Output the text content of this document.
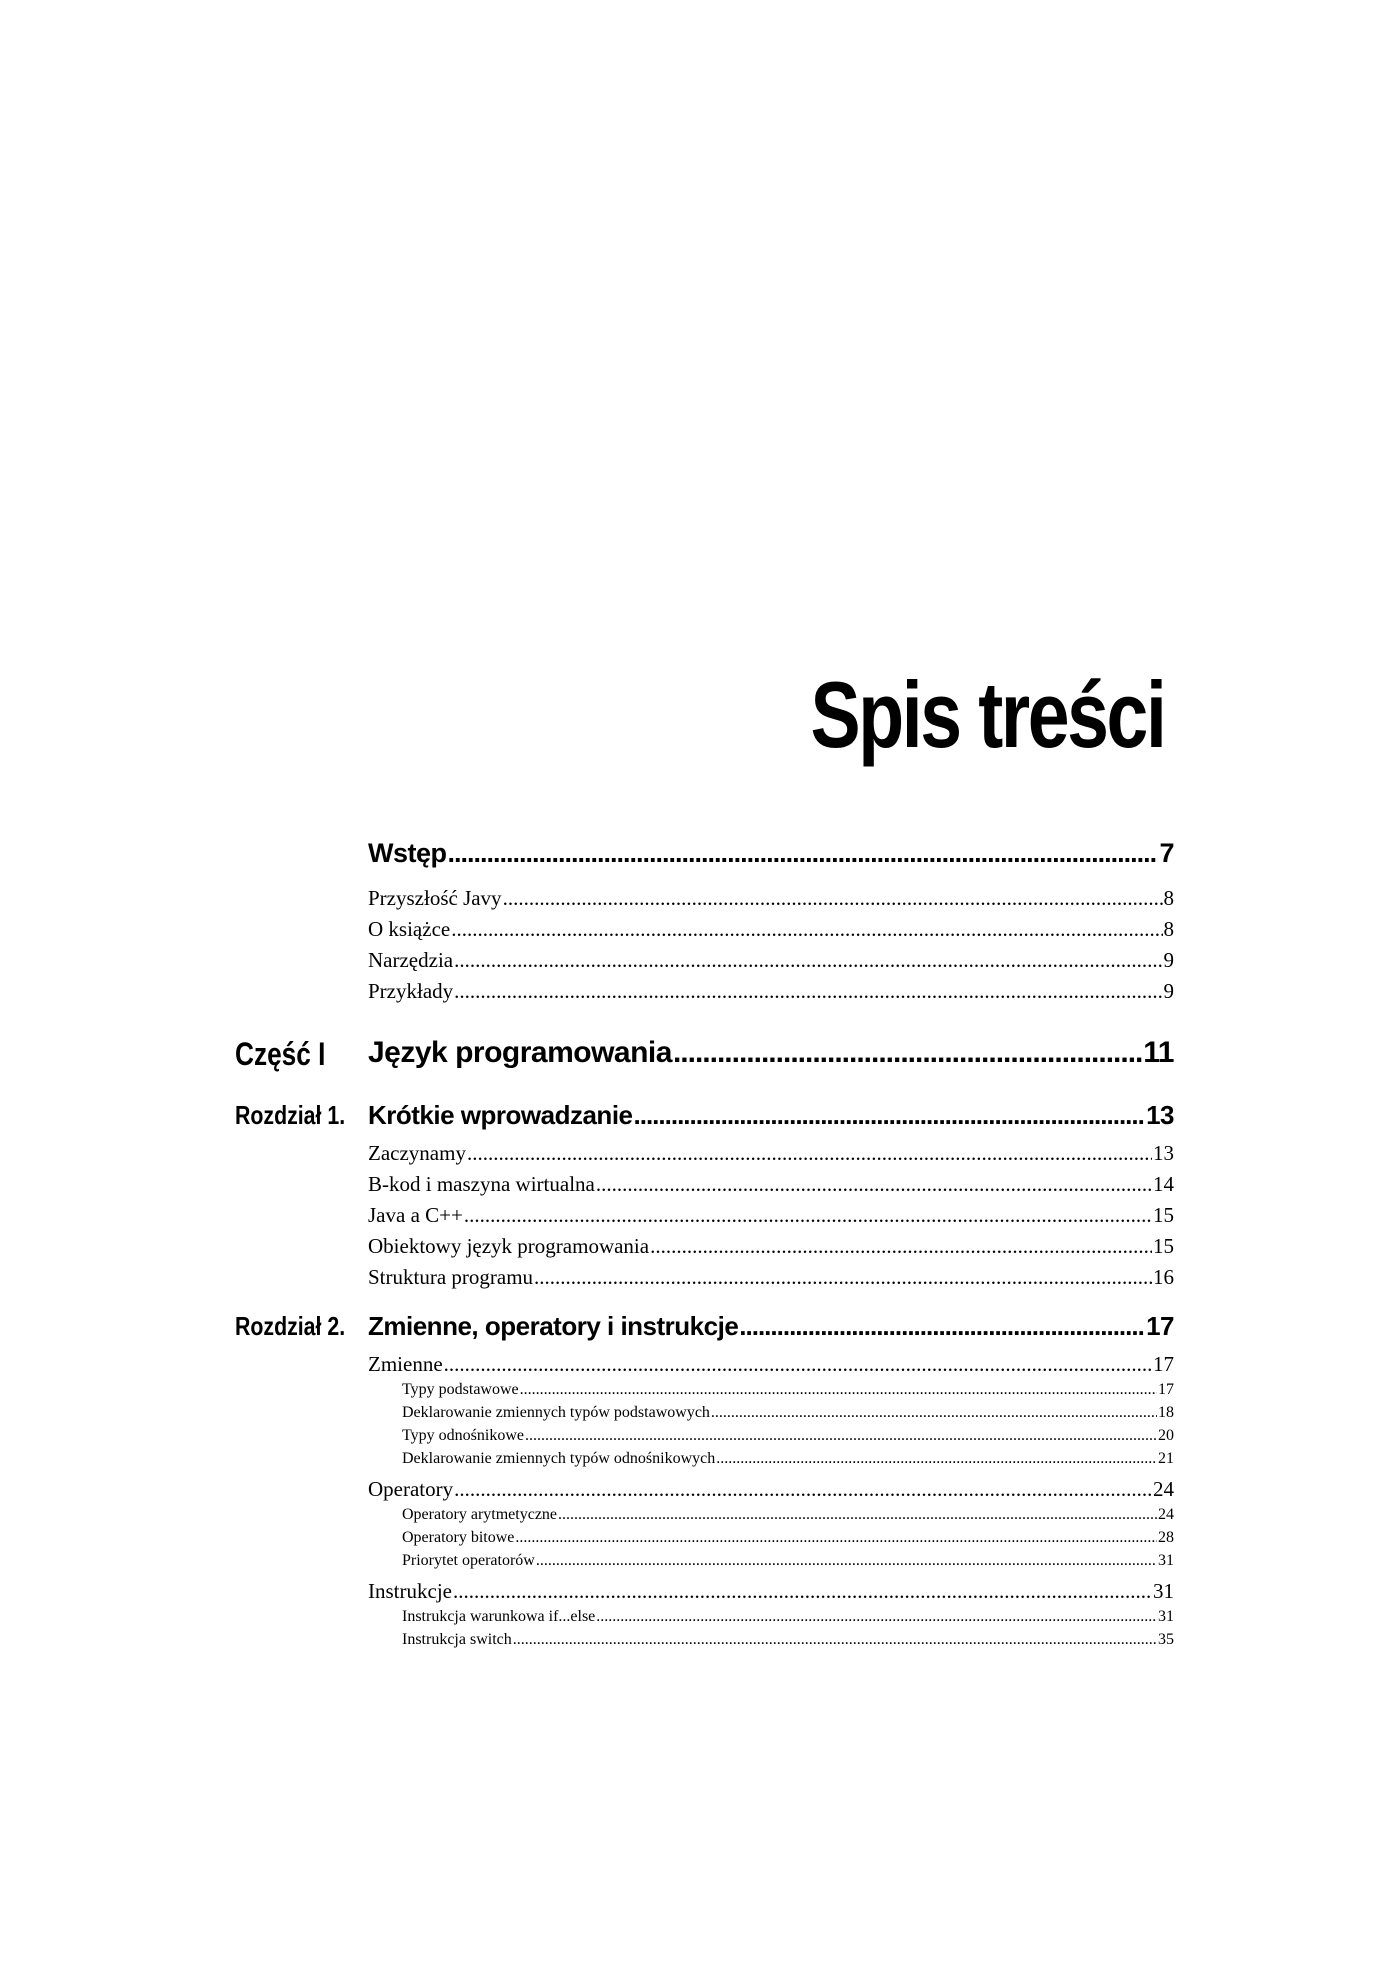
Spis treści
Wstęp .....	7
Przyszłość Javy .....	8
O książce .....	8
Narzędzia .....	9
Przykłady .....	9
Część I Język programowania .....	11
Rozdział 1. Krótkie wprowadzanie .....	13
Zaczynamy .....	13
B-kod i maszyna wirtualna .....	14
Java a C++ .....	15
Obiektowy język programowania .....	15
Struktura programu .....	16
Rozdział 2. Zmienne, operatory i instrukcje .....	17
Zmienne .....	17
Typy podstawowe .....	17
Deklarowanie zmiennych typów podstawowych .....	18
Typy odnośnikowe .....	20
Deklarowanie zmiennych typów odnośnikowych .....	21
Operatory .....	24
Operatory arytmetyczne .....	24
Operatory bitowe .....	28
Priorytet operatorów .....	31
Instrukcje .....	31
Instrukcja warunkowa if...else .....	31
Instrukcja switch .....	35
